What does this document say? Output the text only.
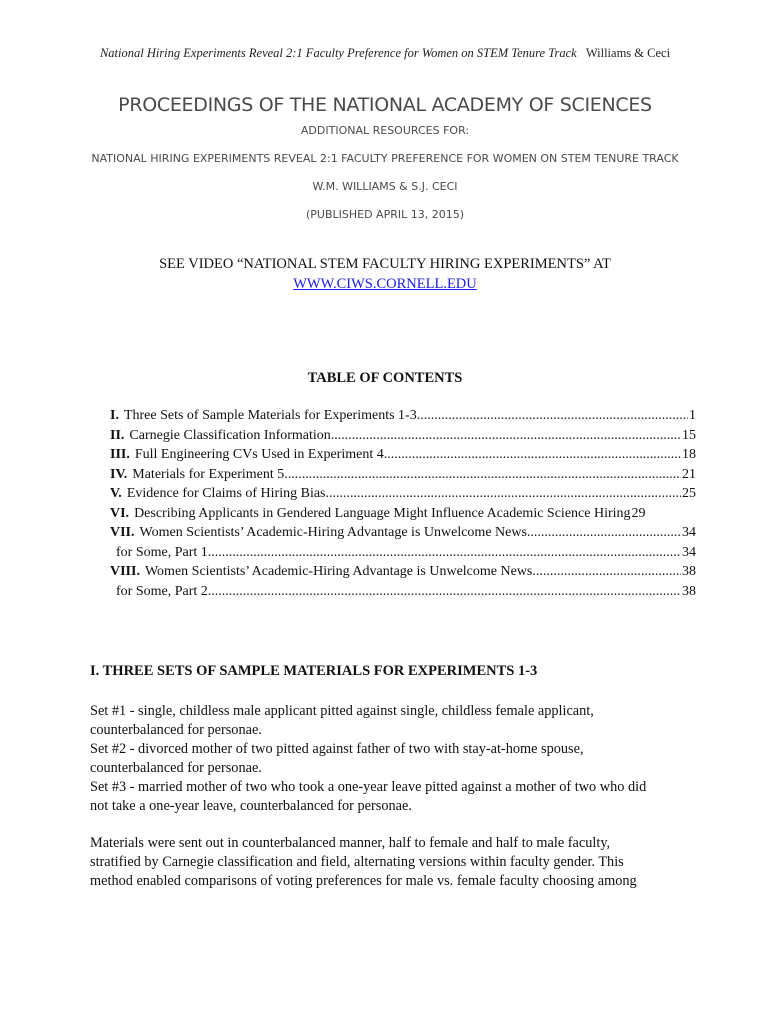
National Hiring Experiments Reveal 2:1 Faculty Preference for Women on STEM Tenure Track Williams & Ceci
PROCEEDINGS OF THE NATIONAL ACADEMY OF SCIENCES
ADDITIONAL RESOURCES FOR:
NATIONAL HIRING EXPERIMENTS REVEAL 2:1 FACULTY PREFERENCE FOR WOMEN ON STEM TENURE TRACK
W.M. WILLIAMS & S.J. CECI
(PUBLISHED APRIL 13, 2015)
SEE VIDEO “NATIONAL STEM FACULTY HIRING EXPERIMENTS” AT
WWW.CIWS.CORNELL.EDU
TABLE OF CONTENTS
I. Three Sets of Sample Materials for Experiments 1-3 .....	1
II. Carnegie Classification Information .....	15
III. Full Engineering CVs Used in Experiment 4 .....	18
IV. Materials for Experiment 5 .....	21
V. Evidence for Claims of Hiring Bias .....	25
VI. Describing Applicants in Gendered Language Might Influence Academic Science Hiring 29
VII. Women Scientists’ Academic-Hiring Advantage is Unwelcome News .....	34
for Some, Part 1 .....	34
VIII. Women Scientists’ Academic-Hiring Advantage is Unwelcome News .....	38
for Some, Part 2 .....	38
I. THREE SETS OF SAMPLE MATERIALS FOR EXPERIMENTS 1-3
Set #1 - single, childless male applicant pitted against single, childless female applicant,
counterbalanced for personae.
Set #2 - divorced mother of two pitted against father of two with stay-at-home spouse,
counterbalanced for personae.
Set #3 - married mother of two who took a one-year leave pitted against a mother of two who did
not take a one-year leave, counterbalanced for personae.
Materials were sent out in counterbalanced manner, half to female and half to male faculty,
stratified by Carnegie classification and field, alternating versions within faculty gender. This
method enabled comparisons of voting preferences for male vs. female faculty choosing among
